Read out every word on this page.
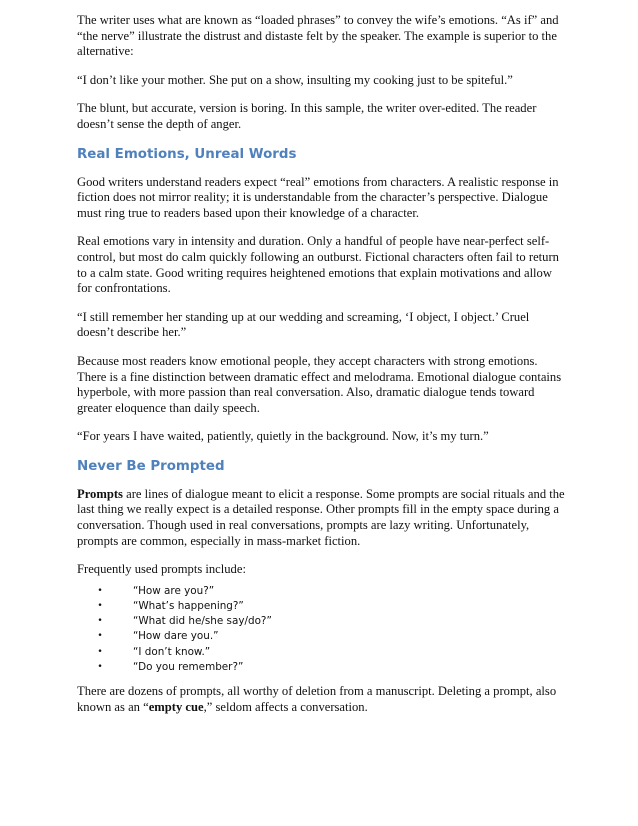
The writer uses what are known as “loaded phrases” to convey the wife’s emotions. “As if” and “the nerve” illustrate the distrust and distaste felt by the speaker. The example is superior to the alternative:

“I don’t like your mother. She put on a show, insulting my cooking just to be spiteful.”

The blunt, but accurate, version is boring. In this sample, the writer over-edited. The reader doesn’t sense the depth of anger.

Real Emotions, Unreal Words

Good writers understand readers expect “real” emotions from characters. A realistic response in fiction does not mirror reality; it is understandable from the character’s perspective. Dialogue must ring true to readers based upon their knowledge of a character.

Real emotions vary in intensity and duration. Only a handful of people have near-perfect self-control, but most do calm quickly following an outburst. Fictional characters often fail to return to a calm state. Good writing requires heightened emotions that explain motivations and allow for confrontations.

“I still remember her standing up at our wedding and screaming, ‘I object, I object.’ Cruel doesn’t describe her.”

Because most readers know emotional people, they accept characters with strong emotions. There is a fine distinction between dramatic effect and melodrama. Emotional dialogue contains hyperbole, with more passion than real conversation. Also, dramatic dialogue tends toward greater eloquence than daily speech.

“For years I have waited, patiently, quietly in the background. Now, it’s my turn.”

Never Be Prompted

Prompts are lines of dialogue meant to elicit a response. Some prompts are social rituals and the last thing we really expect is a detailed response. Other prompts fill in the empty space during a conversation. Though used in real conversations, prompts are lazy writing. Unfortunately, prompts are common, especially in mass-market fiction.

Frequently used prompts include:

•	“How are you?”
•	“What’s happening?”
•	“What did he/she say/do?”
•	“How dare you.”
•	“I don’t know.”
•	“Do you remember?”

There are dozens of prompts, all worthy of deletion from a manuscript. Deleting a prompt, also known as an “empty cue,” seldom affects a conversation.
